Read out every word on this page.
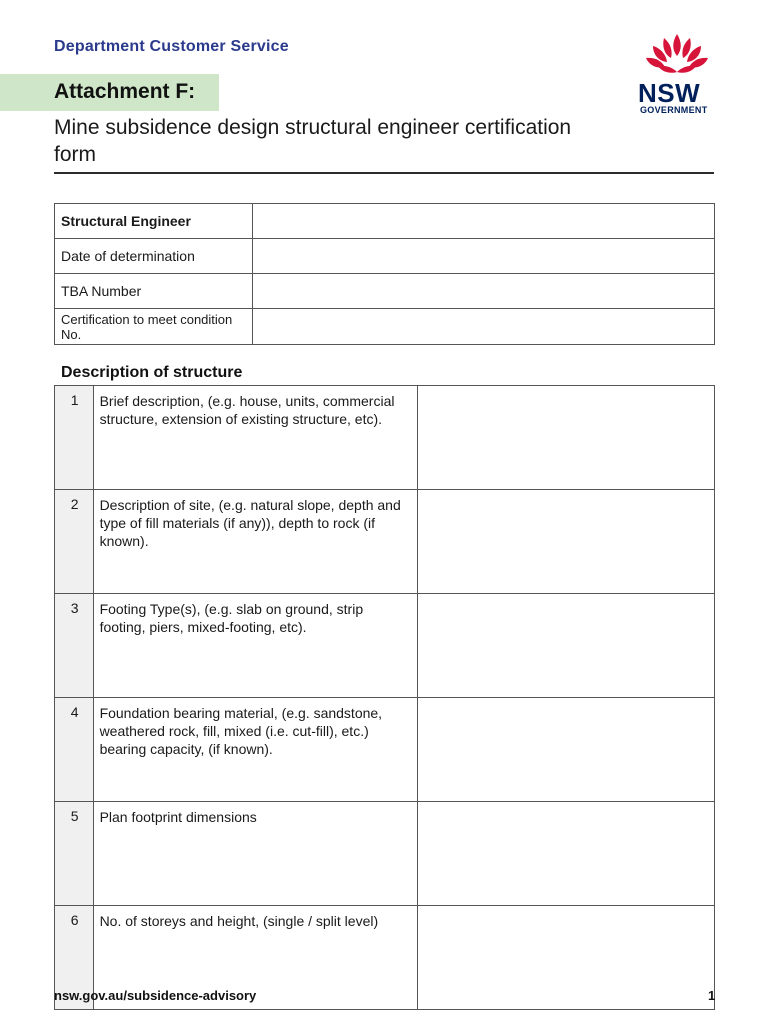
Department Customer Service
Attachment F:
Mine subsidence design structural engineer certification form
NSW
GOVERNMENT
Structural Engineer	
Date of determination	
TBA Number	
Certification to meet condition No.	
Description of structure
1	Brief description, (e.g. house, units, commercial structure, extension of existing structure, etc).	
2	Description of site, (e.g. natural slope, depth and type of fill materials (if any)), depth to rock (if known).	
3	Footing Type(s), (e.g. slab on ground, strip footing, piers, mixed-footing, etc).	
4	Foundation bearing material, (e.g. sandstone, weathered rock, fill, mixed (i.e. cut-fill), etc.) bearing capacity, (if known).	
5	Plan footprint dimensions	
6	No. of storeys and height, (single / split level)	
nsw.gov.au/subsidence-advisory	1
